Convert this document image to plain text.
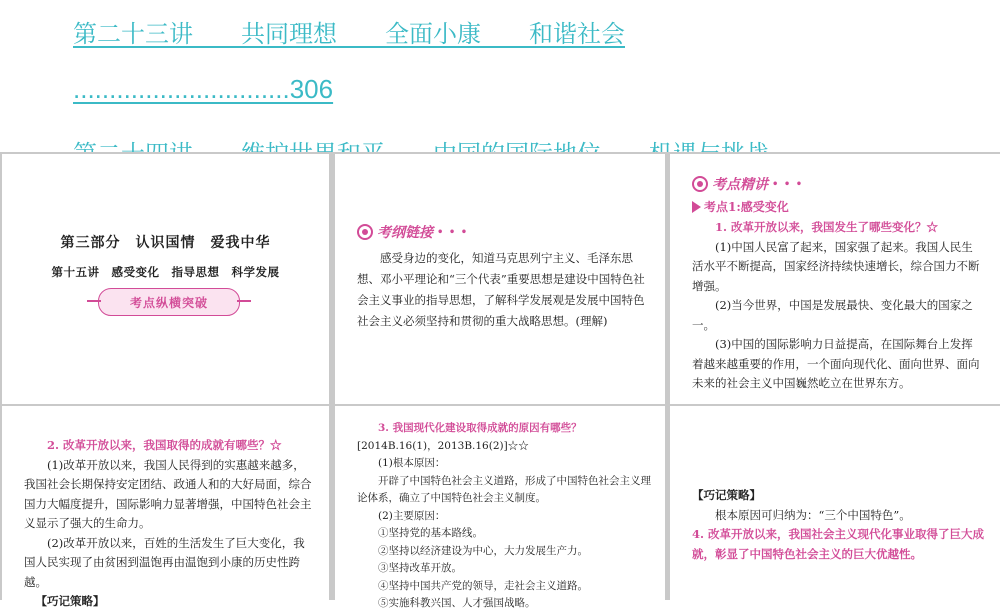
第二十三讲　　共同理想　　全面小康　　和谐社会
..............................306
第三部分　认识国情　爱我中华
第十五讲　感受变化　指导思想　科学发展
考点纵横突破
考纲链接 • • •

感受身边的变化，知道马克思列宁主义、毛泽东思想、邓小平理论和“三个代表”重要思想是建设中国特色社会主义事业的指导思想，了解科学发展观是发展中国特色社会主义必须坚持和贯彻的重大战略思想。(理解)

考点精讲 • • •
考点1:感受变化

1. 改革开放以来，我国发生了哪些变化？☆

(1)中国人民富了起来，国家强了起来。我国人民生活水平不断提高，国家经济持续快速增长，综合国力不断增强。

(2)当今世界，中国是发展最快、变化最大的国家之一。

(3)中国的国际影响力日益提高，在国际舞台上发挥着越来越重要的作用，一个面向现代化、面向世界、面向未来的社会主义中国巍然屹立在世界东方。

2. 改革开放以来，我国取得的成就有哪些？☆

(1)改革开放以来，我国人民得到的实惠越来越多，我国社会长期保持安定团结、政通人和的大好局面，综合国力大幅度提升，国际影响力显著增强，中国特色社会主义显示了强大的生命力。

(2)改革开放以来，百姓的生活发生了巨大变化，我国人民实现了由贫困到温饱再由温饱到小康的历史性跨越。

【巧记策略】

3. 我国现代化建设取得成就的原因有哪些？

[2014B.16(1)，2013B.16(2)]☆☆

(1)根本原因：

开辟了中国特色社会主义道路，形成了中国特色社会主义理论体系，确立了中国特色社会主义制度。

(2)主要原因：

①坚持党的基本路线。

②坚持以经济建设为中心，大力发展生产力。

③坚持改革开放。

④坚持中国共产党的领导，走社会主义道路。

⑤实施科教兴国、人才强国战略。

【巧记策略】

根本原因可归纳为：“三个中国特色”。

4. 改革开放以来，我国社会主义现代化事业取得了巨大成就，彰显了中国特色社会主义的巨大优越性。
